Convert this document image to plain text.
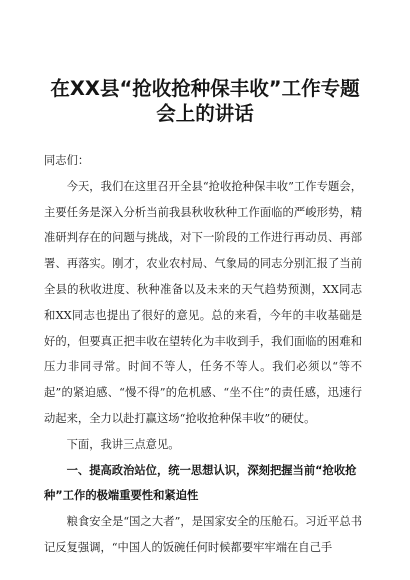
在XX县“抢收抢种保丰收”工作专题
会上的讲话

同志们：

今天，我们在这里召开全县“抢收抢种保丰收”工作专题会，主要任务是深入分析当前我县秋收秋种工作面临的严峻形势，精准研判存在的问题与挑战，对下一阶段的工作进行再动员、再部署、再落实。刚才，农业农村局、气象局的同志分别汇报了当前全县的秋收进度、秋种准备以及未来的天气趋势预测，XX同志和XX同志也提出了很好的意见。总的来看，今年的丰收基础是好的，但要真正把丰收在望转化为丰收到手，我们面临的困难和压力非同寻常。时间不等人，任务不等人。我们必须以“等不起”的紧迫感、“慢不得”的危机感、“坐不住”的责任感，迅速行动起来，全力以赴打赢这场“抢收抢种保丰收”的硬仗。

下面，我讲三点意见。

一、提高政治站位，统一思想认识，深刻把握当前“抢收抢种”工作的极端重要性和紧迫性

粮食安全是“国之大者”，是国家安全的压舱石。习近平总书记反复强调，“中国人的饭碗任何时候都要牢牢端在自己手
